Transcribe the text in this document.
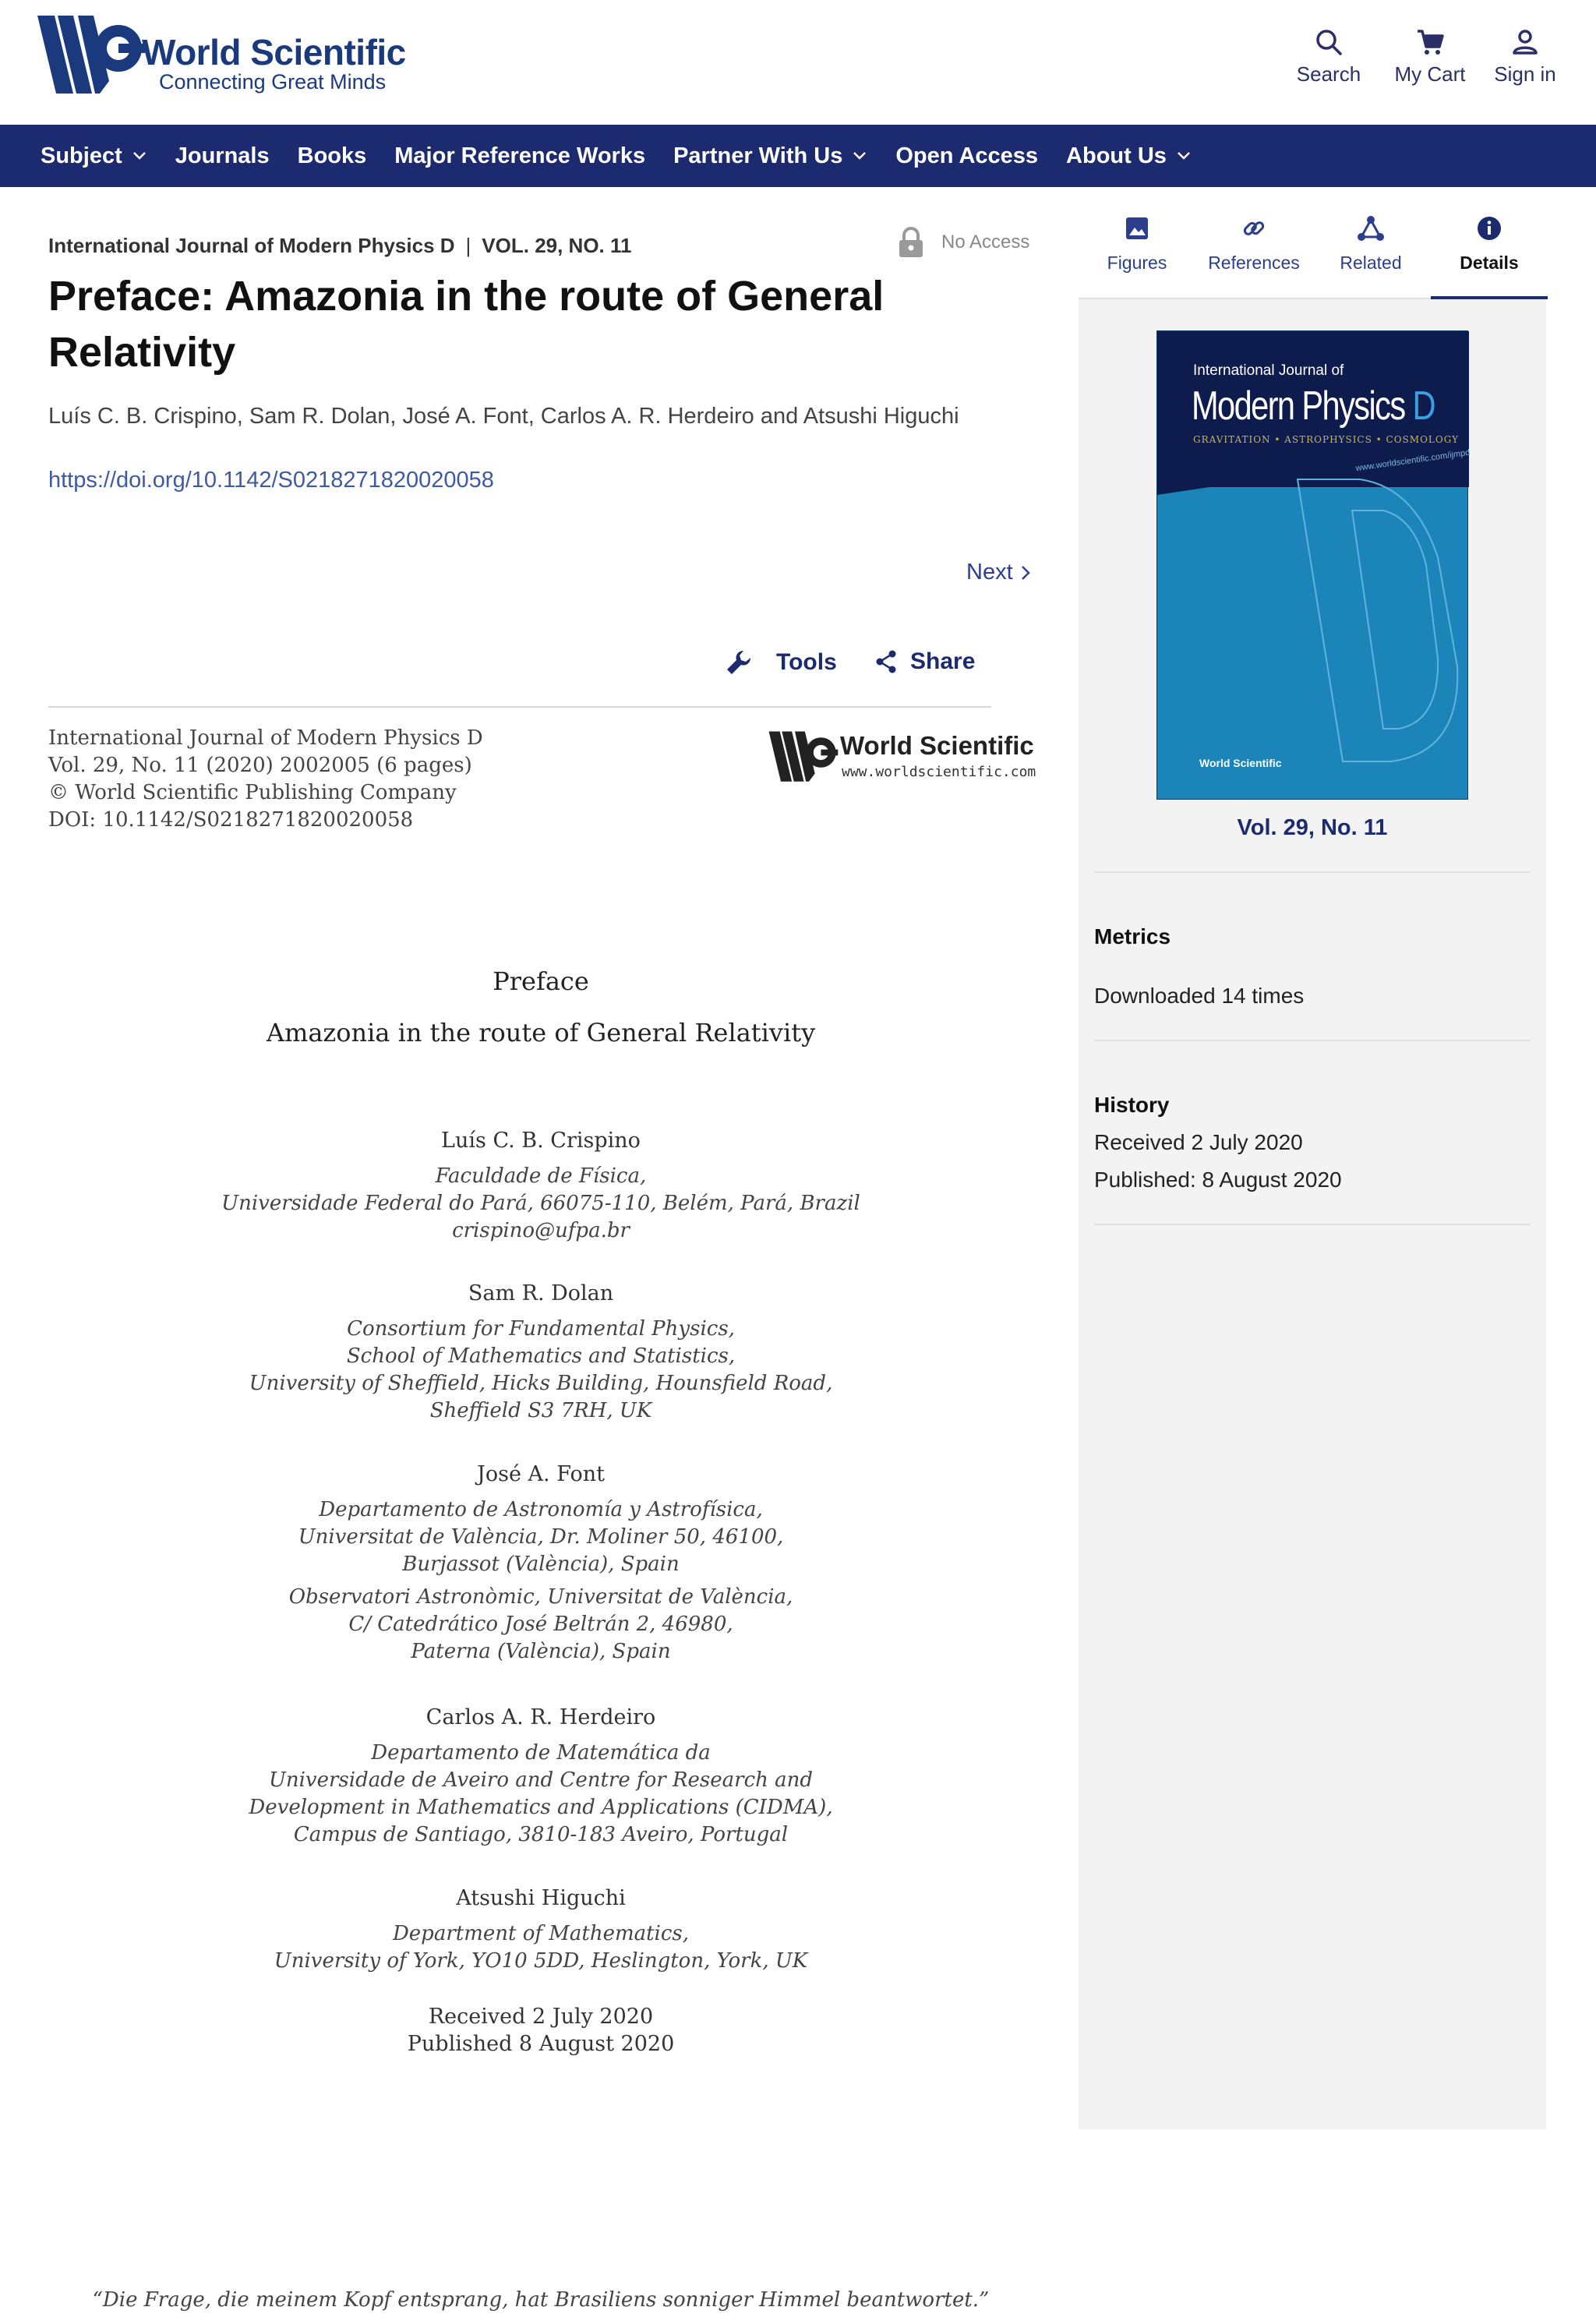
World Scientific
Connecting Great Minds	Search	My Cart	Sign in
Subject Journals Books Major Reference Works Partner With Us Open Access About Us
International Journal of Modern Physics D | VOL. 29, NO. 11	No Access
Preface: Amazonia in the route of General Relativity
Luís C. B. Crispino, Sam R. Dolan, José A. Font, Carlos A. R. Herdeiro and Atsushi Higuchi
https://doi.org/10.1142/S0218271820020058
Next
Tools	Share
International Journal of Modern Physics D
Vol. 29, No. 11 (2020) 2002005 (6 pages)
© World Scientific Publishing Company
DOI: 10.1142/S0218271820020058
World Scientific
www.worldscientific.com
Preface
Amazonia in the route of General Relativity
Luís C. B. Crispino
Faculdade de Física,
Universidade Federal do Pará, 66075-110, Belém, Pará, Brazil
crispino@ufpa.br
Sam R. Dolan
Consortium for Fundamental Physics,
School of Mathematics and Statistics,
University of Sheffield, Hicks Building, Hounsfield Road,
Sheffield S3 7RH, UK
José A. Font
Departamento de Astronomía y Astrofísica,
Universitat de València, Dr. Moliner 50, 46100,
Burjassot (València), Spain
Observatori Astronòmic, Universitat de València,
C/ Catedrático José Beltrán 2, 46980,
Paterna (València), Spain
Carlos A. R. Herdeiro
Departamento de Matemática da
Universidade de Aveiro and Centre for Research and
Development in Mathematics and Applications (CIDMA),
Campus de Santiago, 3810-183 Aveiro, Portugal
Atsushi Higuchi
Department of Mathematics,
University of York, YO10 5DD, Heslington, York, UK
Received 2 July 2020
Published 8 August 2020
“Die Frage, die meinem Kopf entsprang, hat Brasiliens sonniger Himmel beantwortet.”
Figures	References	Related	Details
International Journal of
Modern Physics D
GRAVITATION • ASTROPHYSICS • COSMOLOGY
www.worldscientific.com/ijmpd
World Scientific
Vol. 29, No. 11
Metrics
Downloaded 14 times
History
Received 2 July 2020
Published: 8 August 2020
